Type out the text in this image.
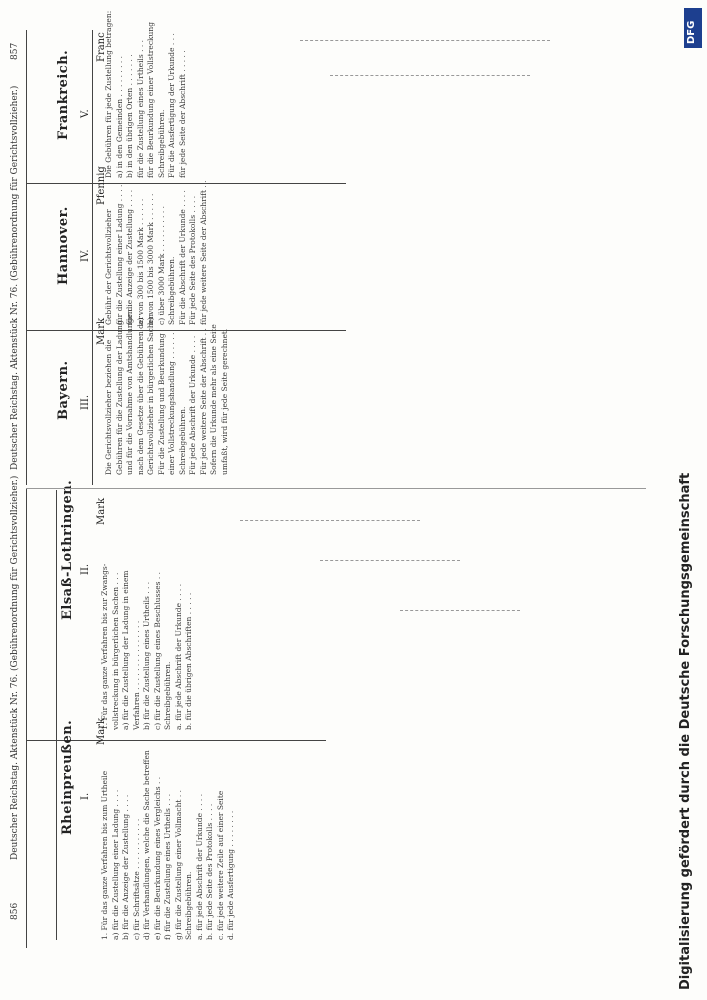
856
Deutscher Reichstag. Aktenstück Nr. 76. (Gebührenordnung für Gerichtsvollzieher.)	Rheinpreußen. I.
Mark
1. Für das ganze Verfahren bis zum Urtheile a) für die Zustellung einer Ladung . . . . b) für die Anzeige der Zustellung . . . . c) für Schriftsätze . . . . . . . . . . . d) für Verhandlungen, welche die Sache betreffen e) für die Beurkundung eines Vergleichs . . f) für die Zustellung eines Urtheils . . . g) für die Zustellung einer Vollmacht . . Schreibgebühren. a. für jede Abschrift der Urkunde . . . . b. für jede Seite des Protokolls . . . . c. für jede weitere Zeile auf einer Seite d. für jede Ausfertigung . . . . . . . .
Elsaß-Lothringen. II.
Mark
1. Für das ganze Verfahren bis zur Zwangs- vollstreckung in bürgerlichen Sachen . . . a) für die Zustellung der Ladung in einem Verfahren . . . . . . . . . . . . . . . b) für die Zustellung eines Urtheils . . . c) für die Zustellung eines Beschlusses . . Schreibgebühren. a. für jede Abschrift der Urkunde . . . . b. für die übrigen Abschriften . . . . .
Deutscher Reichstag. Aktenstück Nr. 76. (Gebührenordnung für Gerichtsvollzieher.)
857
Bayern. III.
Mark
Die Gerichtsvollzieher beziehen die Gebühren für die Zustellung der Ladung und für die Vornahme von Amtshandlungen nach dem Gesetze über die Gebühren der Gerichtsvollzieher in bürgerlichen Sachen. Für die Zustellung und Beurkundung einer Vollstreckungshandlung . . . . . . Schreibgebühren. Für jede Abschrift der Urkunde . . . . Für jede weitere Seite der Abschrift . . Sofern die Urkunde mehr als eine Seite umfaßt, wird für jede Seite gerechnet.
Hannover. IV.
Pfennig
Gebühr der Gerichtsvollzieher für die Zustellung einer Ladung . . . . für die Anzeige der Zustellung . . . . a) von 300 bis 1500 Mark . . . . . . b) von 1500 bis 3000 Mark . . . . . . c) über 3000 Mark . . . . . . . . . . Schreibgebühren. Für die Abschrift der Urkunde . . . . Für jede Seite des Protokolls . . . . für jede weitere Seite der Abschrift . .
Frankreich. V.
Franc
Die Gebühren für jede Zustellung betragen: a) in den Gemeinden . . . . . . . . . b) in den übrigen Orten . . . . . . . für die Zustellung eines Urtheils . . . für die Beurkundung einer Vollstreckung Schreibgebühren. Für die Ausfertigung der Urkunde . . . für jede Seite der Abschrift . . . . .
DFG
Digitalisierung gefördert durch die Deutsche Forschungsgemeinschaft
